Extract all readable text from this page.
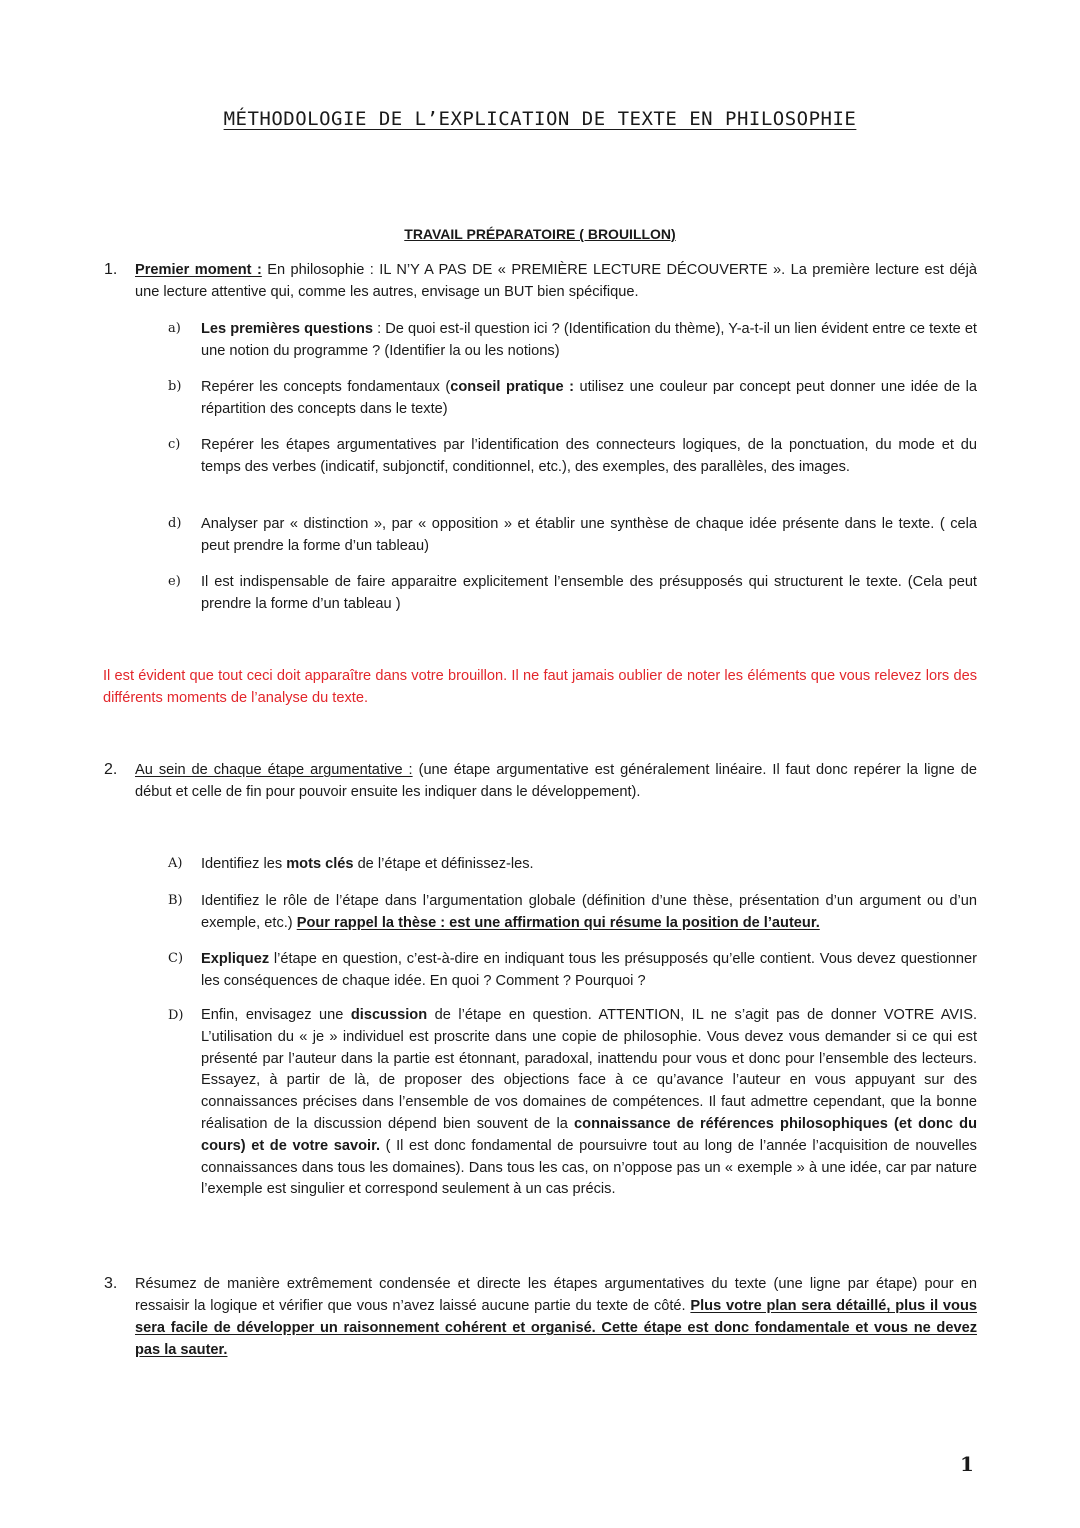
MÉTHODOLOGIE DE L’EXPLICATION DE TEXTE EN PHILOSOPHIE
TRAVAIL PRÉPARATOIRE ( BROUILLON)
1. Premier moment : En philosophie : IL N’Y A PAS DE « PREMIÈRE LECTURE DÉCOUVERTE ». La première lecture est déjà une lecture attentive qui, comme les autres, envisage un BUT bien spécifique.
a) Les premières questions : De quoi est-il question ici ? (Identification du thème), Y-a-t-il un lien évident entre ce texte et une notion du programme ? (Identifier la ou les notions)
b) Repérer les concepts fondamentaux (conseil pratique : utilisez une couleur par concept peut donner une idée de la répartition des concepts dans le texte)
c) Repérer les étapes argumentatives par l’identification des connecteurs logiques, de la ponctuation, du mode et du temps des verbes (indicatif, subjonctif, conditionnel, etc.), des exemples, des parallèles, des images.
d) Analyser par « distinction », par « opposition » et établir une synthèse de chaque idée présente dans le texte. ( cela peut prendre la forme d’un tableau)
e) Il est indispensable de faire apparaitre explicitement l’ensemble des présupposés qui structurent le texte. (Cela peut prendre la forme d’un tableau )
Il est évident que tout ceci doit apparaître dans votre brouillon. Il ne faut jamais oublier de noter les éléments que vous relevez lors des différents moments de l’analyse du texte.
2. Au sein de chaque étape argumentative : (une étape argumentative est généralement linéaire. Il faut donc repérer la ligne de début et celle de fin pour pouvoir ensuite les indiquer dans le développement).
A) Identifiez les mots clés de l’étape et définissez-les.
B) Identifiez le rôle de l’étape dans l’argumentation globale (définition d’une thèse, présentation d’un argument ou d’un exemple, etc.) Pour rappel la thèse : est une affirmation qui résume la position de l’auteur.
C) Expliquez l’étape en question, c’est-à-dire en indiquant tous les présupposés qu’elle contient. Vous devez questionner les conséquences de chaque idée. En quoi ? Comment ? Pourquoi ?
D) Enfin, envisagez une discussion de l’étape en question. ATTENTION, IL ne s’agit pas de donner VOTRE AVIS. L’utilisation du « je » individuel est proscrite dans une copie de philosophie. Vous devez vous demander si ce qui est présenté par l’auteur dans la partie est étonnant, paradoxal, inattendu pour vous et donc pour l’ensemble des lecteurs. Essayez, à partir de là, de proposer des objections face à ce qu’avance l’auteur en vous appuyant sur des connaissances précises dans l’ensemble de vos domaines de compétences. Il faut admettre cependant, que la bonne réalisation de la discussion dépend bien souvent de la connaissance de références philosophiques (et donc du cours) et de votre savoir. ( Il est donc fondamental de poursuivre tout au long de l’année l’acquisition de nouvelles connaissances dans tous les domaines). Dans tous les cas, on n’oppose pas un « exemple » à une idée, car par nature l’exemple est singulier et correspond seulement à un cas précis.
3. Résumez de manière extrêmement condensée et directe les étapes argumentatives du texte (une ligne par étape) pour en ressaisir la logique et vérifier que vous n’avez laissé aucune partie du texte de côté. Plus votre plan sera détaillé, plus il vous sera facile de développer un raisonnement cohérent et organisé. Cette étape est donc fondamentale et vous ne devez pas la sauter.
1
